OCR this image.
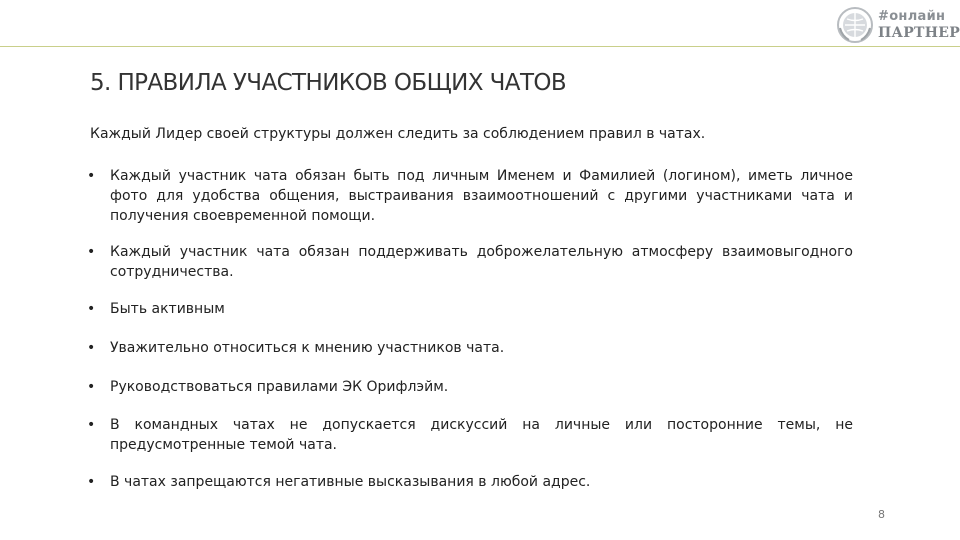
#онлайн
ПАРТНЕР
5. ПРАВИЛА УЧАСТНИКОВ ОБЩИХ ЧАТОВ

Каждый Лидер своей структуры должен следить за соблюдением правил в чатах.

•	Каждый участник чата обязан быть под личным Именем и Фамилией (логином), иметь личное фото для удобства общения, выстраивания взаимоотношений с другими участниками чата и получения своевременной помощи.
•	Каждый участник чата обязан поддерживать доброжелательную атмосферу взаимовыгодного сотрудничества.
•	Быть активным
•	Уважительно относиться к мнению участников чата.
•	Руководствоваться правилами ЭК Орифлэйм.
•	В командных чатах не допускается дискуссий на личные или посторонние темы, не предусмотренные темой чата.
•	В чатах запрещаются негативные высказывания в любой адрес.
8
